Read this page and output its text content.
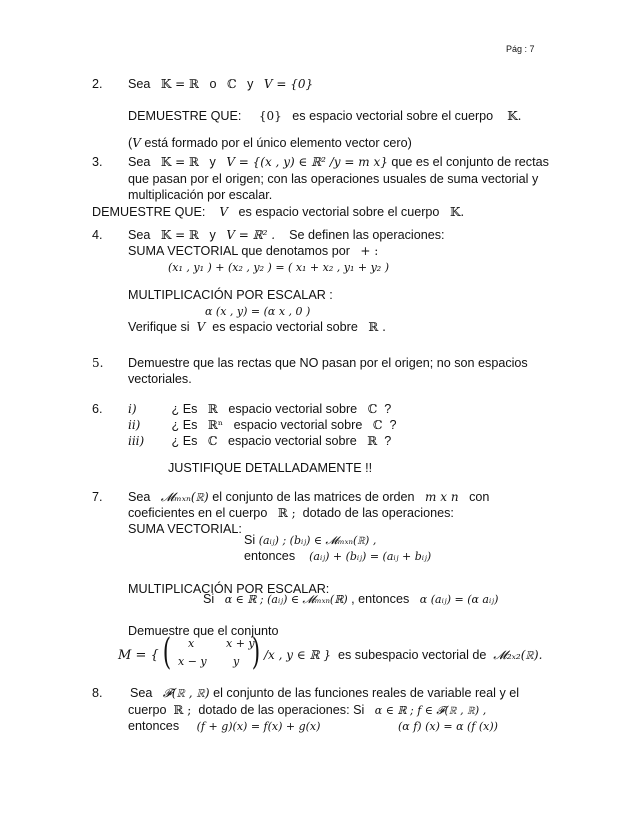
Pág : 7
2. Sea 𝕂 = ℝ o ℂ y V = {0}
DEMUESTRE QUE: {0} es espacio vectorial sobre el cuerpo 𝕂.
(V está formado por el único elemento vector cero)
3. Sea 𝕂 = ℝ y V = {(x , y) ∈ ℝ² /y = m x} que es el conjunto de rectas
que pasan por el origen; con las operaciones usuales de suma vectorial y
multiplicación por escalar.
DEMUESTRE QUE: V es espacio vectorial sobre el cuerpo 𝕂.
4. Sea 𝕂 = ℝ y V = ℝ² . Se definen las operaciones:
SUMA VECTORIAL que denotamos por + :
(x₁ , y₁ ) + (x₂ , y₂ ) = ( x₁ + x₂ , y₁ + y₂ )
MULTIPLICACIÓN POR ESCALAR :
α (x , y) = (α x , 0 )
Verifique si V es espacio vectorial sobre ℝ .
5. Demuestre que las rectas que NO pasan por el origen; no son espacios
vectoriales.
6. i)	¿ Es ℝ espacio vectorial sobre ℂ ?
ii) ¿ Es ℝⁿ espacio vectorial sobre ℂ ?
iii) ¿ Es ℂ espacio vectorial sobre ℝ ?
JUSTIFIQUE DETALLADAMENTE !!
7. Sea 𝓜ₘₓₙ(ℝ) el conjunto de las matrices de orden m x n con
coeficientes en el cuerpo ℝ ; dotado de las operaciones:
SUMA VECTORIAL:
Si (aᵢⱼ) ; (bᵢⱼ) ∈ 𝓜ₘₓₙ(ℝ) ,
entonces (aᵢⱼ) + (bᵢⱼ) = (aᵢⱼ + bᵢⱼ)
MULTIPLICACIÓN POR ESCALAR:
Si α ∈ ℝ ; (aᵢⱼ) ∈ 𝓜ₘₓₙ(ℝ) , entonces α (aᵢⱼ) = (α aᵢⱼ)
Demuestre que el conjunto
M = { ( x	x + y
x − y y ) /x , y ∈ ℝ } es subespacio vectorial de 𝓜₂ₓ₂(ℝ).
8. Sea 𝓕(ℝ , ℝ) el conjunto de las funciones reales de variable real y el
cuerpo ℝ ; dotado de las operaciones: Si α ∈ ℝ ; f ∈ 𝓕(ℝ , ℝ) ,
entonces (f + g)(x) = f(x) + g(x)	(α f) (x) = α (f (x))
